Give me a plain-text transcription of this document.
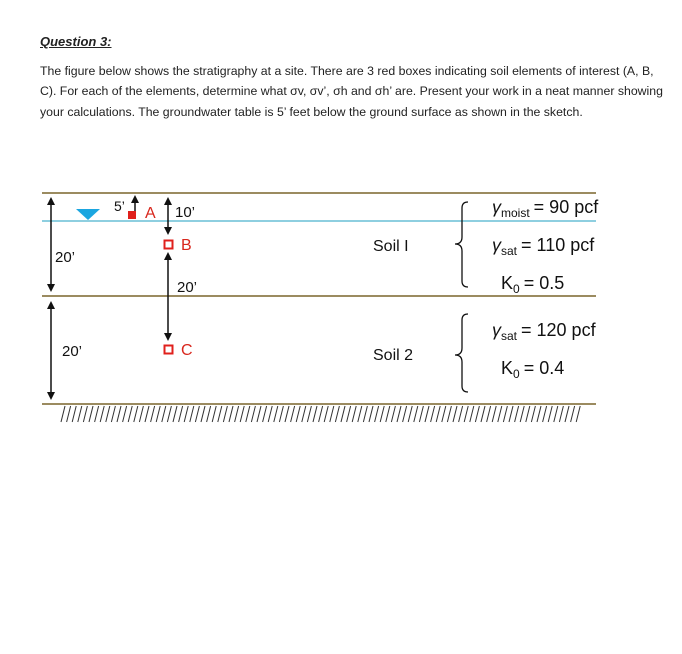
Question 3:
The figure below shows the stratigraphy at a site. There are 3 red boxes indicating soil elements of interest (A, B, C). For each of the elements, determine what σv, σv’, σh and σh’ are. Present your work in a neat manner showing your calculations. The groundwater table is 5’ feet below the ground surface as shown in the sketch.
20’
20’
5’ A 10’
B
20’
C
Soil I
Soil 2
$\gamma_{moist} = 90$ pcf
$\gamma_{sat} = 110$ pcf
$K_0 = 0.5$
$\gamma_{sat} = 120$ pcf
$K_0 = 0.4$
